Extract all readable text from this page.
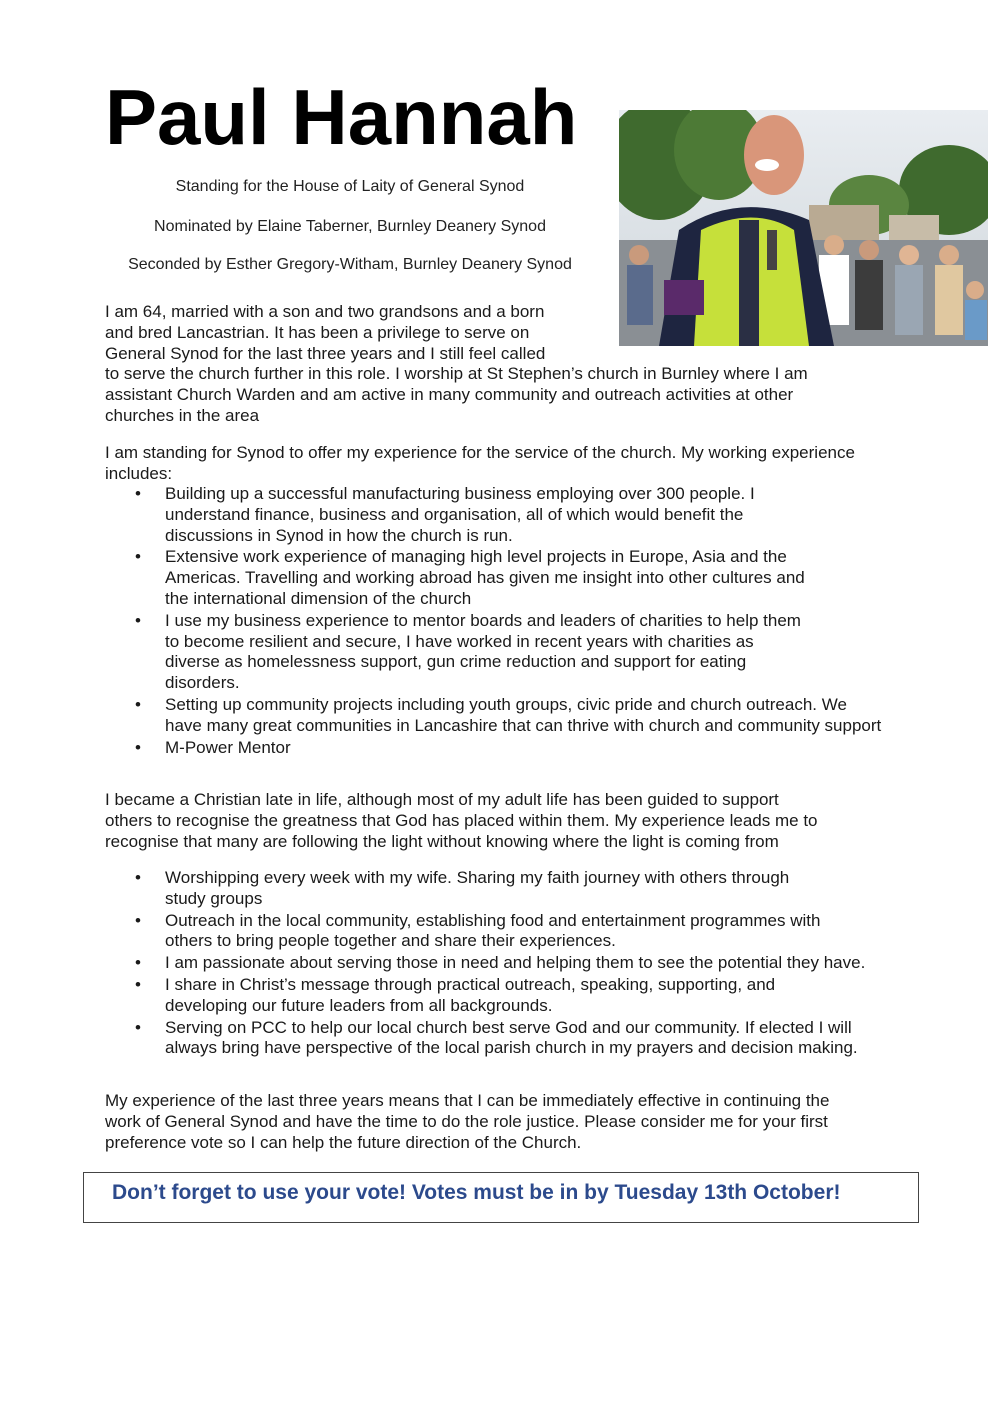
Paul Hannah

Standing for the House of Laity of General Synod

Nominated by Elaine Taberner, Burnley Deanery Synod

Seconded by Esther Gregory-Witham, Burnley Deanery Synod

I am 64, married with a son and two grandsons and a born
and bred Lancastrian. It has been a privilege to serve on
General Synod for the last three years and I still feel called
to serve the church further in this role. I worship at St Stephen’s church in Burnley where I am
assistant Church Warden and am active in many community and outreach activities at other
churches in the area
I am standing for Synod to offer my experience for the service of the church. My working experience
includes:
• Building up a successful manufacturing business employing over 300 people. I
understand finance, business and organisation, all of which would benefit the
discussions in Synod in how the church is run.
• Extensive work experience of managing high level projects in Europe, Asia and the
Americas. Travelling and working abroad has given me insight into other cultures and
the international dimension of the church
• I use my business experience to mentor boards and leaders of charities to help them
to become resilient and secure, I have worked in recent years with charities as
diverse as homelessness support, gun crime reduction and support for eating
disorders.
• Setting up community projects including youth groups, civic pride and church outreach. We
have many great communities in Lancashire that can thrive with church and community support
• M-Power Mentor
I became a Christian late in life, although most of my adult life has been guided to support
others to recognise the greatness that God has placed within them. My experience leads me to
recognise that many are following the light without knowing where the light is coming from
• Worshipping every week with my wife. Sharing my faith journey with others through
study groups
• Outreach in the local community, establishing food and entertainment programmes with
others to bring people together and share their experiences.
• I am passionate about serving those in need and helping them to see the potential they have.
• I share in Christ’s message through practical outreach, speaking, supporting, and
developing our future leaders from all backgrounds.
• Serving on PCC to help our local church best serve God and our community. If elected I will
always bring have perspective of the local parish church in my prayers and decision making.
My experience of the last three years means that I can be immediately effective in continuing the
work of General Synod and have the time to do the role justice. Please consider me for your first
preference vote so I can help the future direction of the Church.

Don’t forget to use your vote! Votes must be in by Tuesday 13th October!
